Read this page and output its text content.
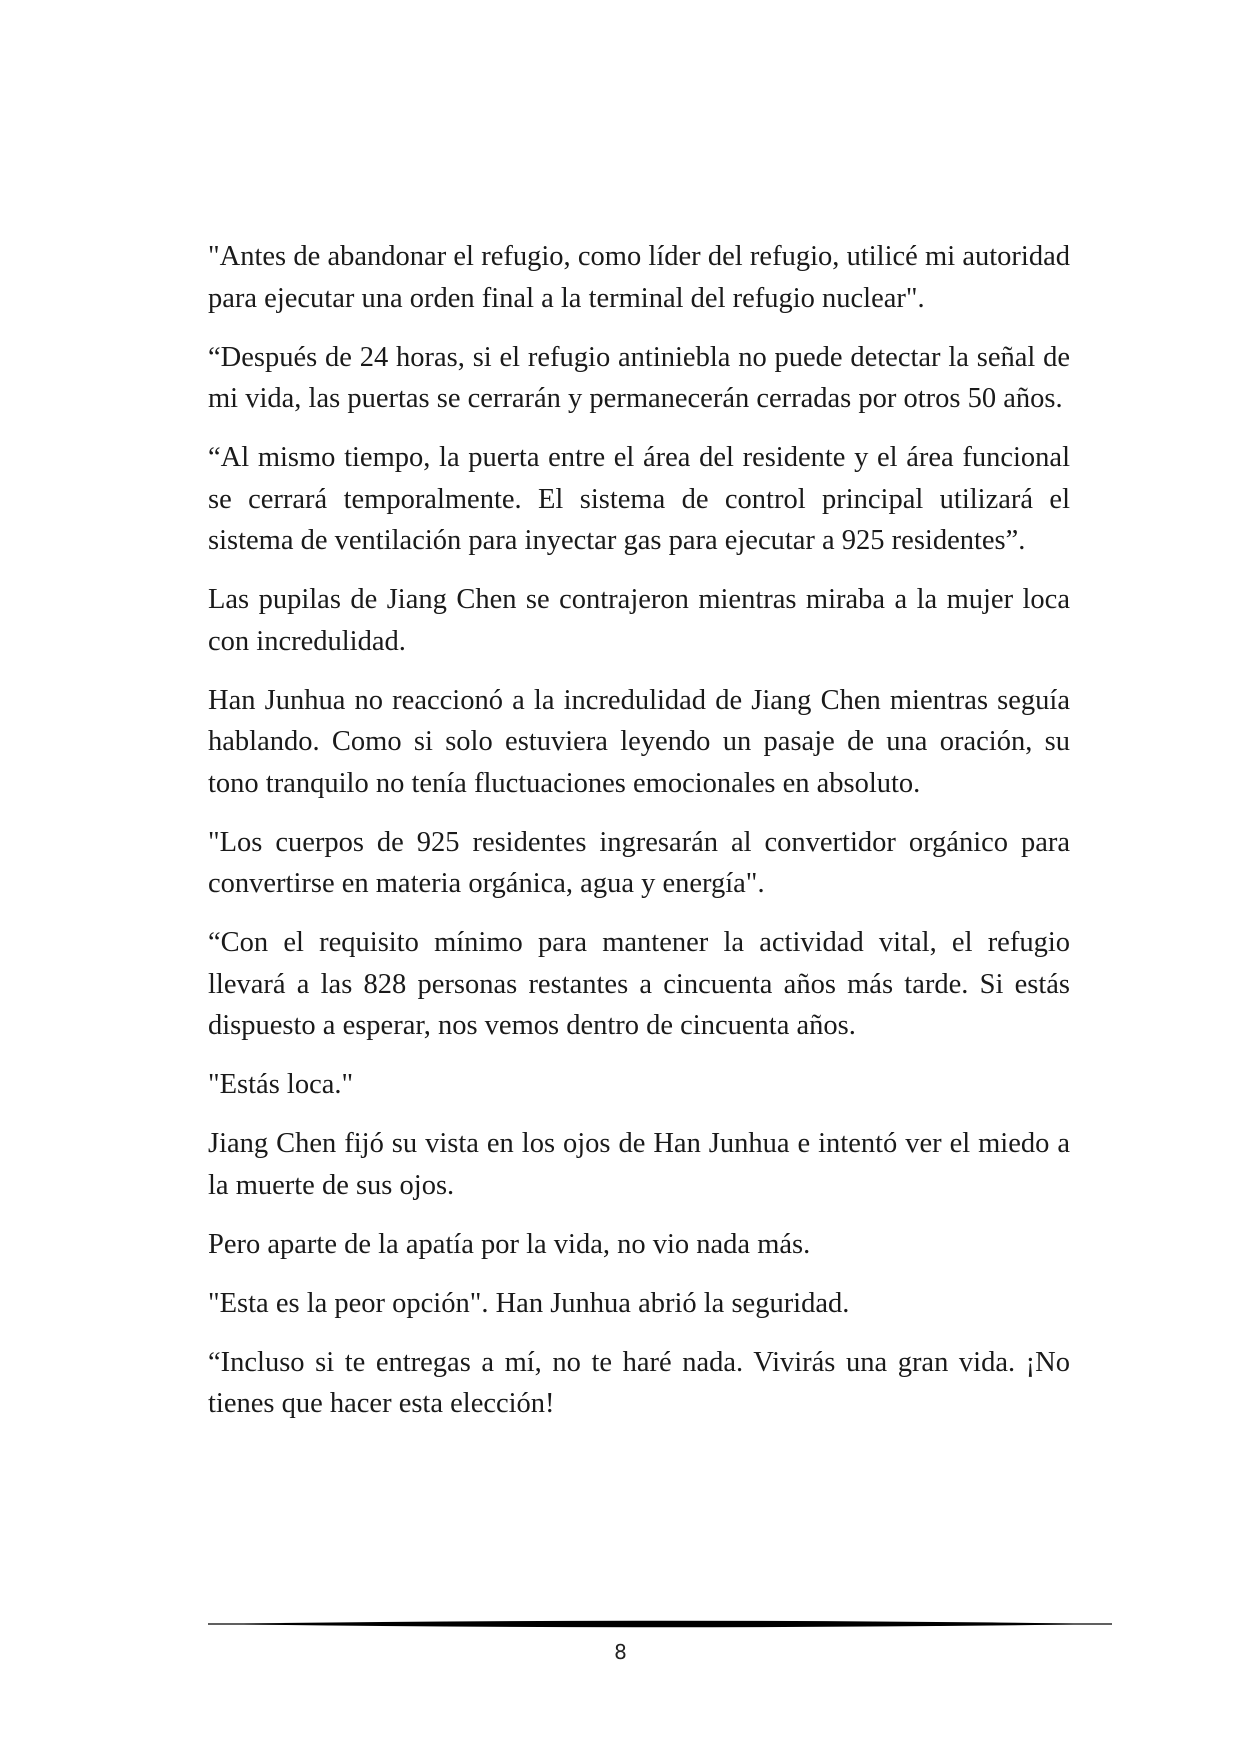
"Antes de abandonar el refugio, como líder del refugio, utilicé mi autoridad para ejecutar una orden final a la terminal del refugio nuclear".

“Después de 24 horas, si el refugio antiniebla no puede detectar la señal de mi vida, las puertas se cerrarán y permanecerán cerradas por otros 50 años.

“Al mismo tiempo, la puerta entre el área del residente y el área funcional se cerrará temporalmente. El sistema de control principal utilizará el sistema de ventilación para inyectar gas para ejecutar a 925 residentes”.

Las pupilas de Jiang Chen se contrajeron mientras miraba a la mujer loca con incredulidad.

Han Junhua no reaccionó a la incredulidad de Jiang Chen mientras seguía hablando. Como si solo estuviera leyendo un pasaje de una oración, su tono tranquilo no tenía fluctuaciones emocionales en absoluto.

"Los cuerpos de 925 residentes ingresarán al convertidor orgánico para convertirse en materia orgánica, agua y energía".

“Con el requisito mínimo para mantener la actividad vital, el refugio llevará a las 828 personas restantes a cincuenta años más tarde. Si estás dispuesto a esperar, nos vemos dentro de cincuenta años.

"Estás loca."

Jiang Chen fijó su vista en los ojos de Han Junhua e intentó ver el miedo a la muerte de sus ojos.

Pero aparte de la apatía por la vida, no vio nada más.

"Esta es la peor opción". Han Junhua abrió la seguridad.

“Incluso si te entregas a mí, no te haré nada. Vivirás una gran vida. ¡No tienes que hacer esta elección!

8
